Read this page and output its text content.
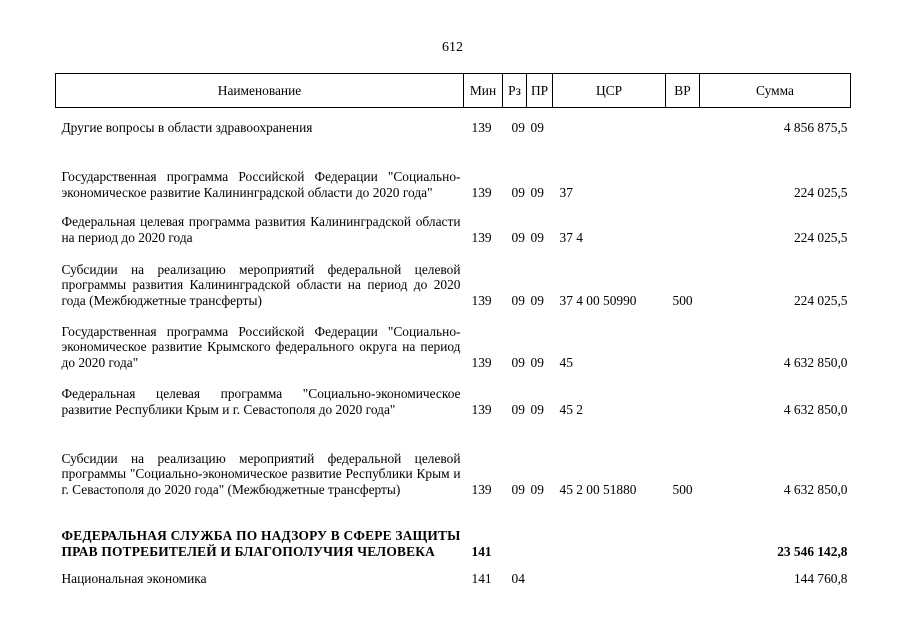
612
Наименование	Мин	Рз	ПР	ЦСР	ВР	Сумма
Другие вопросы в области здравоохранения	139	09	09			4 856 875,5
Государственная программа Российской Федерации "Социально-экономическое развитие Калининградской области до 2020 года"	139	09	09	37		224 025,5
Федеральная целевая программа развития Калининградской области на период до 2020 года	139	09	09	37 4		224 025,5
Субсидии на реализацию мероприятий федеральной целевой программы развития Калининградской области на период до 2020 года (Межбюджетные трансферты)	139	09	09	37 4 00 50990	500	224 025,5
Государственная программа Российской Федерации "Социально-экономическое развитие Крымского федерального округа на период до 2020 года"	139	09	09	45		4 632 850,0
Федеральная целевая программа "Социально-экономическое развитие Республики Крым и г. Севастополя до 2020 года"	139	09	09	45 2		4 632 850,0
Субсидии на реализацию мероприятий федеральной целевой программы "Социально-экономическое развитие Республики Крым и г. Севастополя до 2020 года" (Межбюджетные трансферты)	139	09	09	45 2 00 51880	500	4 632 850,0
ФЕДЕРАЛЬНАЯ СЛУЖБА ПО НАДЗОРУ В СФЕРЕ ЗАЩИТЫ ПРАВ ПОТРЕБИТЕЛЕЙ И БЛАГОПОЛУЧИЯ ЧЕЛОВЕКА	141					23 546 142,8
Национальная экономика	141	04				144 760,8
